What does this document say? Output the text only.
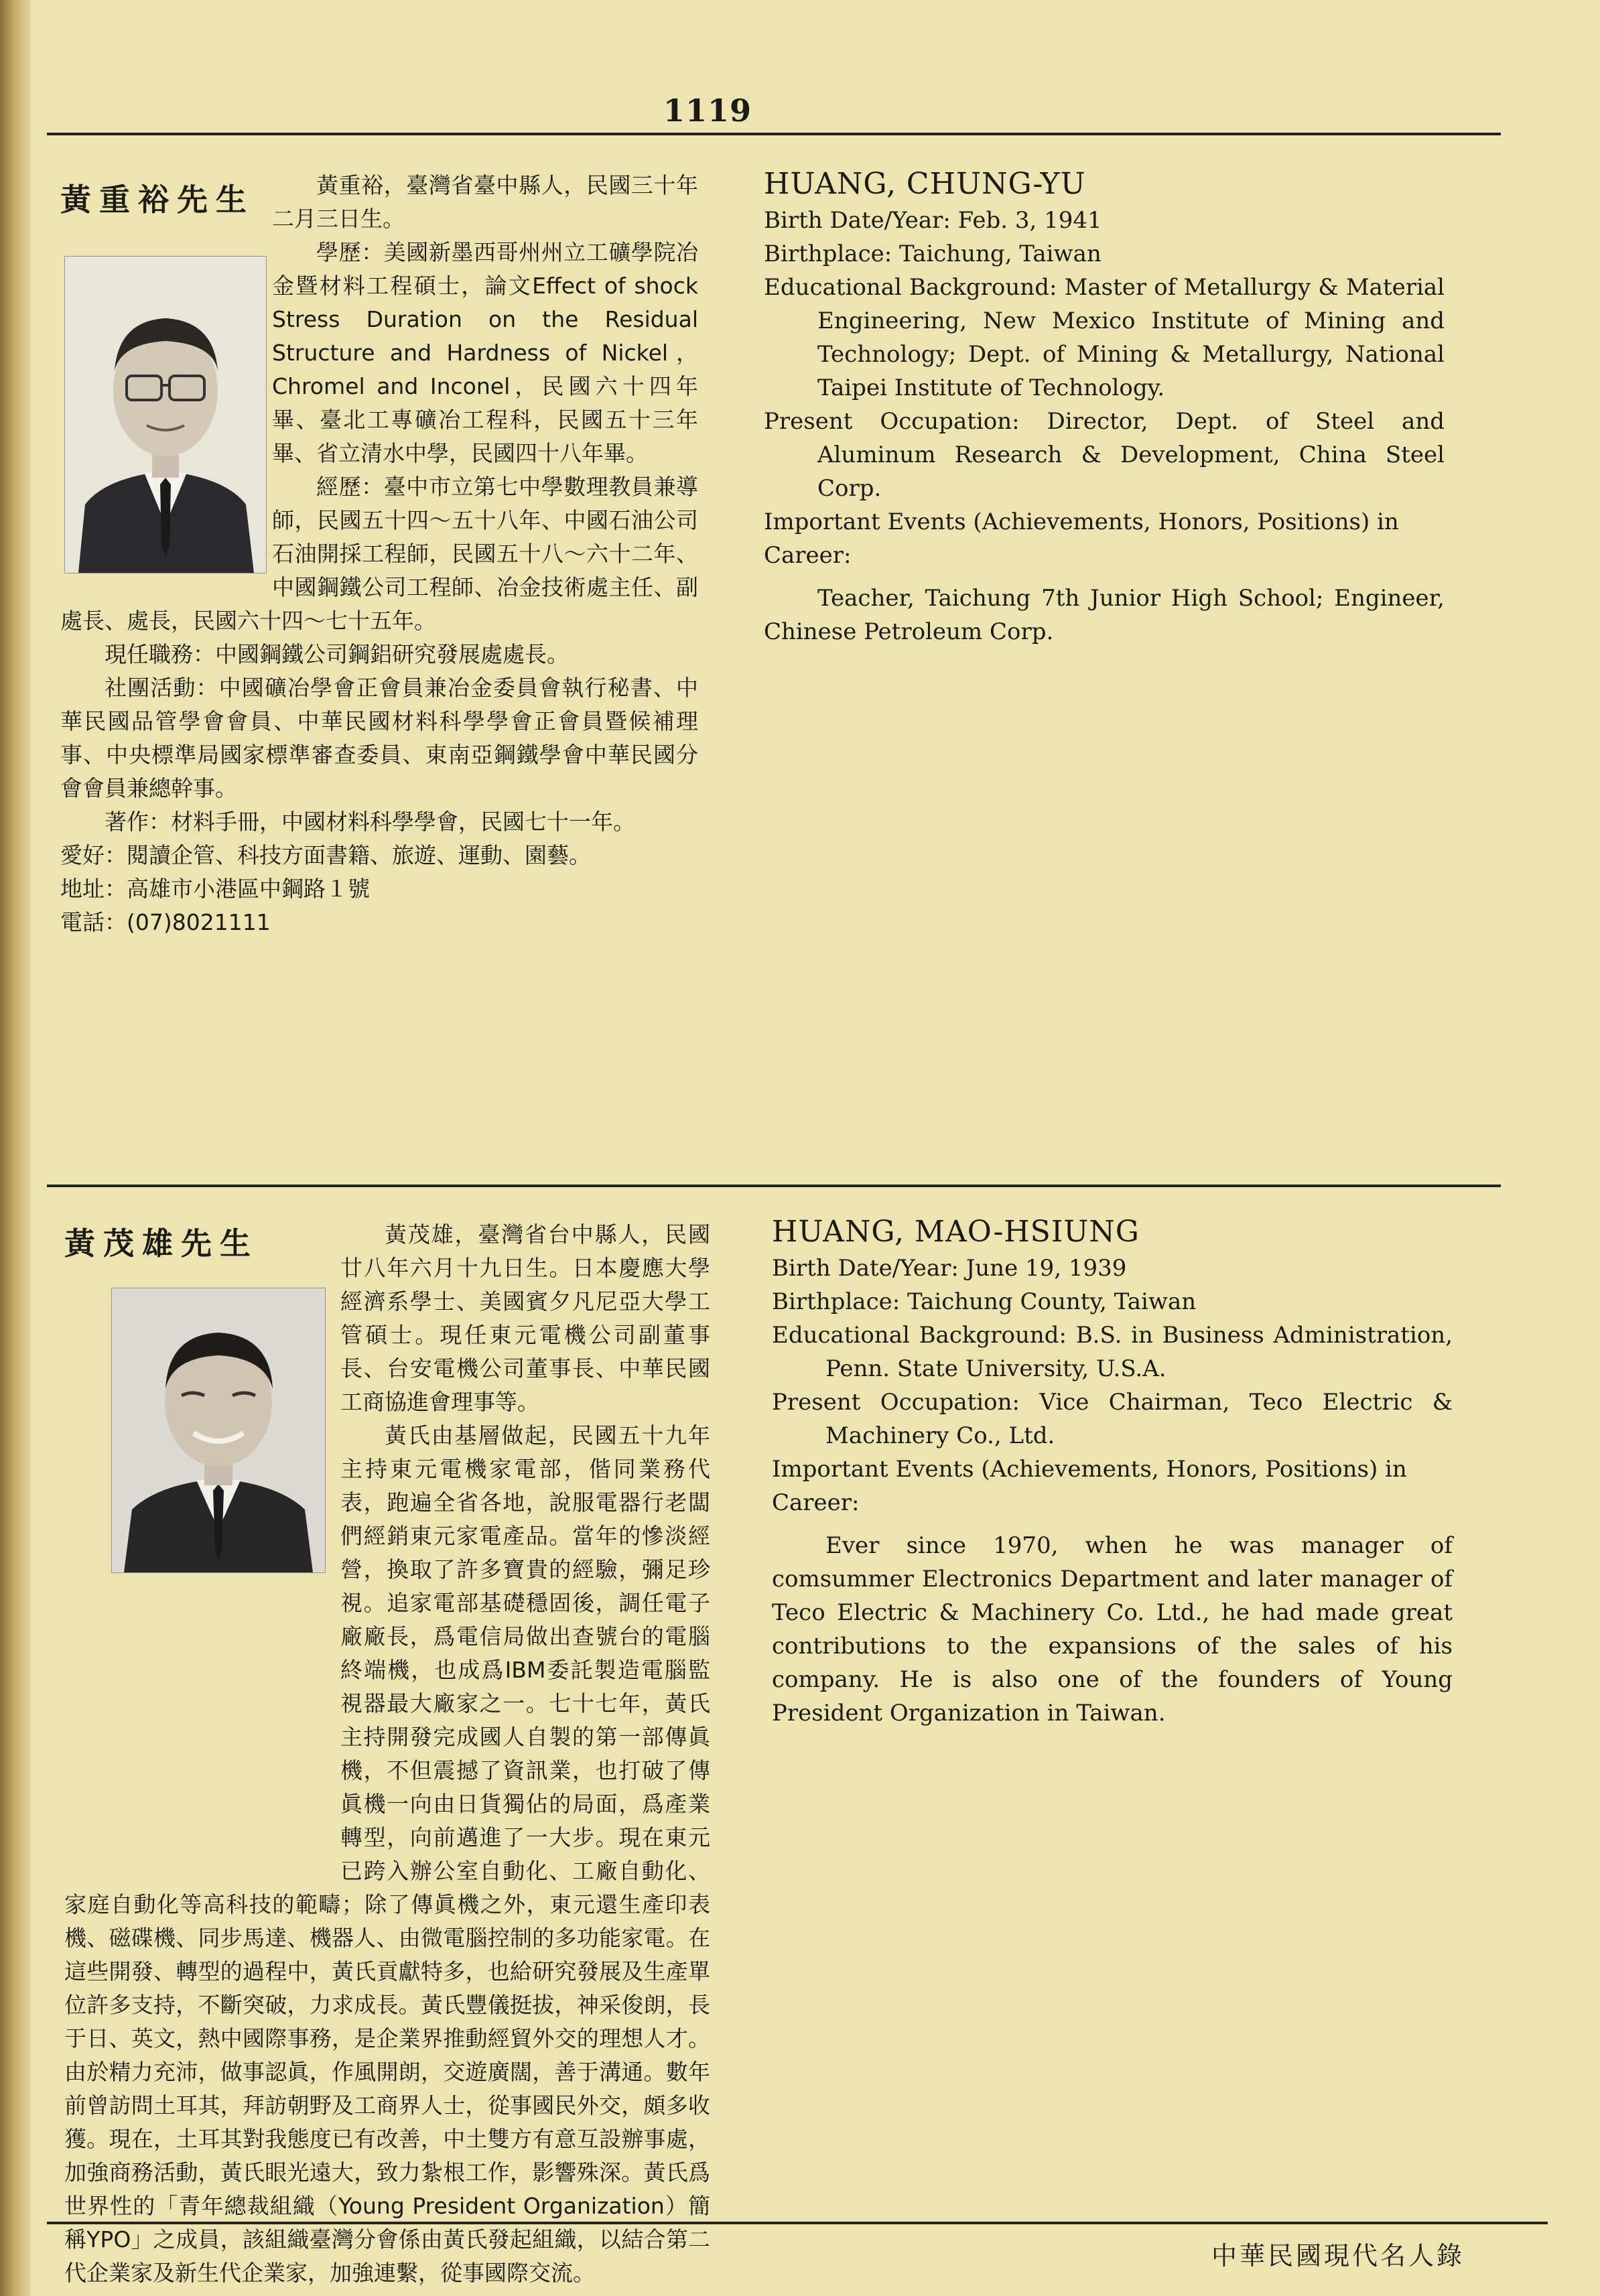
1119
黃重裕先生	黃重裕，臺灣省臺中縣人，民國三十年二月三日生。

學歷：美國新墨西哥州州立工礦學院冶金暨材料工程碩士，論文Effect of shock Stress Duration on the Residual Structure and Hardness of Nickel，Chromel and Inconel，民國六十四年畢、臺北工專礦冶工程科，民國五十三年畢、省立清水中學，民國四十八年畢。

經歷：臺中市立第七中學數理教員兼導師，民國五十四～五十八年、中國石油公司石油開採工程師，民國五十八～六十二年、中國鋼鐵公司工程師、冶金技術處主任、副處長、處長，民國六十四～七十五年。

現任職務：中國鋼鐵公司鋼鋁研究發展處處長。

社團活動：中國礦冶學會正會員兼冶金委員會執行秘書、中華民國品管學會會員、中華民國材料科學學會正會員暨候補理事、中央標準局國家標準審查委員、東南亞鋼鐵學會中華民國分會會員兼總幹事。

著作：材料手冊，中國材料科學學會，民國七十一年。

愛好：閱讀企管、科技方面書籍、旅遊、運動、園藝。

地址：高雄市小港區中鋼路１號

電話：(07)8021111

HUANG, CHUNG-YU

Birth Date/Year: Feb. 3, 1941

Birthplace: Taichung, Taiwan

Educational Background: Master of Metallurgy & Material Engineering, New Mexico Institute of Mining and Technology; Dept. of Mining & Metallurgy, National Taipei Institute of Technology.

Present Occupation: Director, Dept. of Steel and Aluminum Research & Development, China Steel Corp.

Important Events (Achievements, Honors, Positions) in Career:

Teacher, Taichung 7th Junior High School; Engineer, Chinese Petroleum Corp.

黃茂雄先生	黃茂雄，臺灣省台中縣人，民國廿八年六月十九日生。日本慶應大學經濟系學士、美國賓夕凡尼亞大學工管碩士。現任東元電機公司副董事長、台安電機公司董事長、中華民國工商協進會理事等。

黃氏由基層做起，民國五十九年主持東元電機家電部，偕同業務代表，跑遍全省各地，說服電器行老闆們經銷東元家電產品。當年的慘淡經營，換取了許多寶貴的經驗，彌足珍視。追家電部基礎穩固後，調任電子廠廠長，爲電信局做出查號台的電腦終端機，也成爲IBM委託製造電腦監視器最大廠家之一。七十七年，黃氏主持開發完成國人自製的第一部傳眞機，不但震撼了資訊業，也打破了傳眞機一向由日貨獨佔的局面，爲產業轉型，向前邁進了一大步。現在東元已跨入辦公室自動化、工廠自動化、家庭自動化等高科技的範疇；除了傳眞機之外，東元還生產印表機、磁碟機、同步馬達、機器人、由微電腦控制的多功能家電。在這些開發、轉型的過程中，黃氏貢獻特多，也給研究發展及生產單位許多支持，不斷突破，力求成長。黃氏豐儀挺拔，神采俊朗，長于日、英文，熱中國際事務，是企業界推動經貿外交的理想人才。由於精力充沛，做事認眞，作風開朗，交遊廣闊，善于溝通。數年前曾訪問土耳其，拜訪朝野及工商界人士，從事國民外交，頗多收獲。現在，土耳其對我態度已有改善，中土雙方有意互設辦事處，加強商務活動，黃氏眼光遠大，致力紮根工作，影響殊深。黃氏爲世界性的「青年總裁組織（Young President Organization）簡稱YPO」之成員，該組織臺灣分會係由黃氏發起組織，以結合第二代企業家及新生代企業家，加強連繫，從事國際交流。

HUANG, MAO-HSIUNG

Birth Date/Year: June 19, 1939

Birthplace: Taichung County, Taiwan

Educational Background: B.S. in Business Administration, Penn. State University, U.S.A.

Present Occupation: Vice Chairman, Teco Electric & Machinery Co., Ltd.

Important Events (Achievements, Honors, Positions) in Career:

Ever since 1970, when he was manager of comsummer Electronics Department and later manager of Teco Electric & Machinery Co. Ltd., he had made great contributions to the expansions of the sales of his company. He is also one of the founders of Young President Organization in Taiwan.

中華民國現代名人錄
